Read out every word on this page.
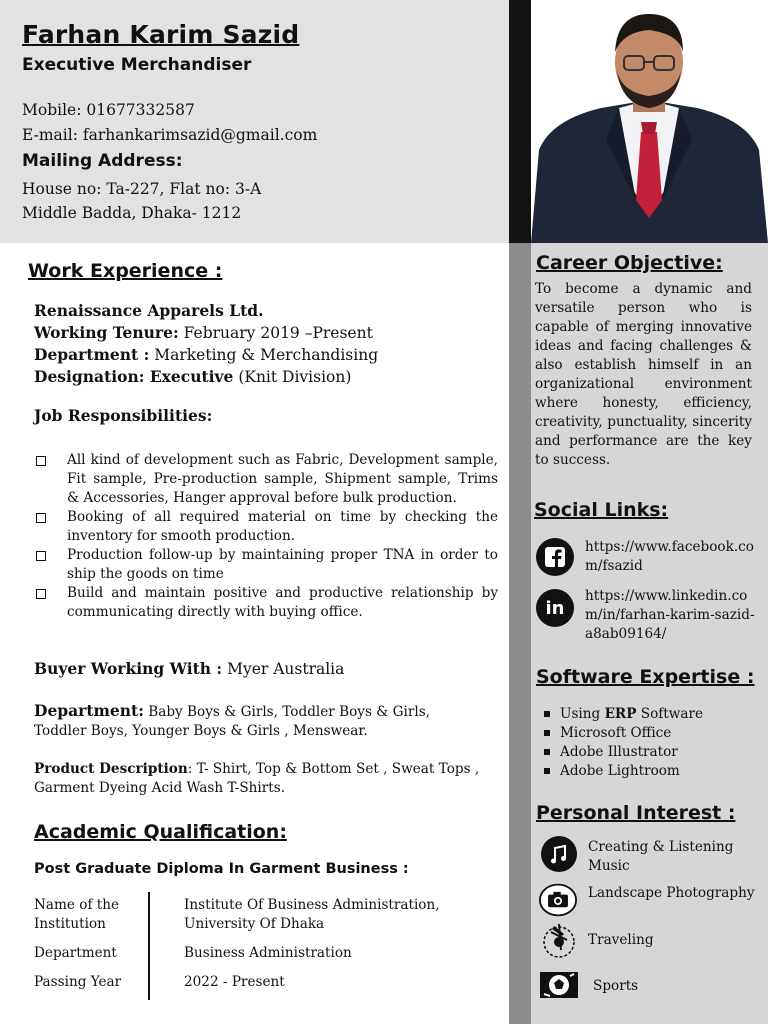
Farhan Karim Sazid
Executive Merchandiser
Mobile: 01677332587
E-mail: farhankarimsazid@gmail.com
Mailing Address:
House no: Ta-227, Flat no: 3-A
Middle Badda, Dhaka- 1212
Work Experience :
Renaissance Apparels Ltd.
Working Tenure: February 2019 –Present
Department : Marketing & Merchandising
Designation: Executive (Knit Division)
Job Responsibilities:
All kind of development such as Fabric, Development sample, Fit sample, Pre-production sample, Shipment sample, Trims & Accessories, Hanger approval before bulk production.
Booking of all required material on time by checking the inventory for smooth production.
Production follow-up by maintaining proper TNA in order to ship the goods on time
Build and maintain positive and productive relationship by communicating directly with buying office.
Buyer Working With : Myer Australia
Department: Baby Boys & Girls, Toddler Boys & Girls, Toddler Boys, Younger Boys & Girls , Menswear.
Product Description: T- Shirt, Top & Bottom Set , Sweat Tops , Garment Dyeing Acid Wash T-Shirts.
Academic Qualification:
Post Graduate Diploma In Garment Business :
Name of the Institution
Institute Of Business Administration, University Of Dhaka
Department	Business Administration
Passing Year	2022 - Present
Career Objective:
To become a dynamic and versatile person who is capable of merging innovative ideas and facing challenges & also establish himself in an organizational environment where honesty, efficiency, creativity, punctuality, sincerity and performance are the key to success.
Social Links:
https://www.facebook.com/fsazid
in
https://www.linkedin.com/in/farhan-karim-sazid-a8ab09164/
Software Expertise :
Using ERP Software
Microsoft Office
Adobe Illustrator
Adobe Lightroom
Personal Interest :
Creating & Listening Music
Landscape Photography
Traveling
Sports
